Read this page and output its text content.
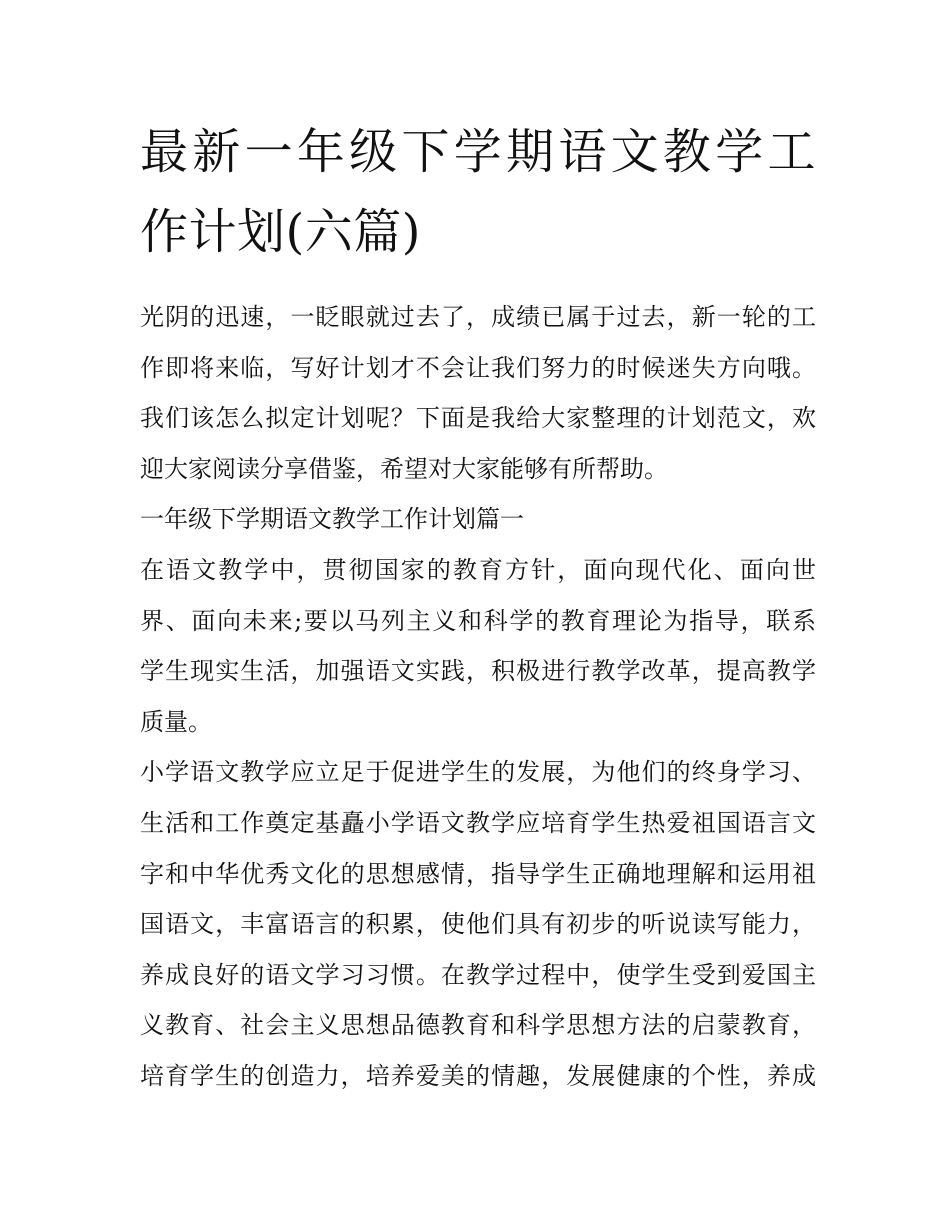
最新一年级下学期语文教学工
作计划(六篇)

光阴的迅速，一眨眼就过去了，成绩已属于过去，新一轮的工
作即将来临，写好计划才不会让我们努力的时候迷失方向哦。
我们该怎么拟定计划呢？下面是我给大家整理的计划范文，欢
迎大家阅读分享借鉴，希望对大家能够有所帮助。

一年级下学期语文教学工作计划篇一

在语文教学中，贯彻国家的教育方针，面向现代化、面向世
界、面向未来;要以马列主义和科学的教育理论为指导，联系
学生现实生活，加强语文实践，积极进行教学改革，提高教学
质量。

小学语文教学应立足于促进学生的发展，为他们的终身学习、
生活和工作奠定基矗小学语文教学应培育学生热爱祖国语言文
字和中华优秀文化的思想感情，指导学生正确地理解和运用祖
国语文，丰富语言的积累，使他们具有初步的听说读写能力，
养成良好的语文学习习惯。在教学过程中，使学生受到爱国主
义教育、社会主义思想品德教育和科学思想方法的启蒙教育，
培育学生的创造力，培养爱美的情趣，发展健康的个性，养成
